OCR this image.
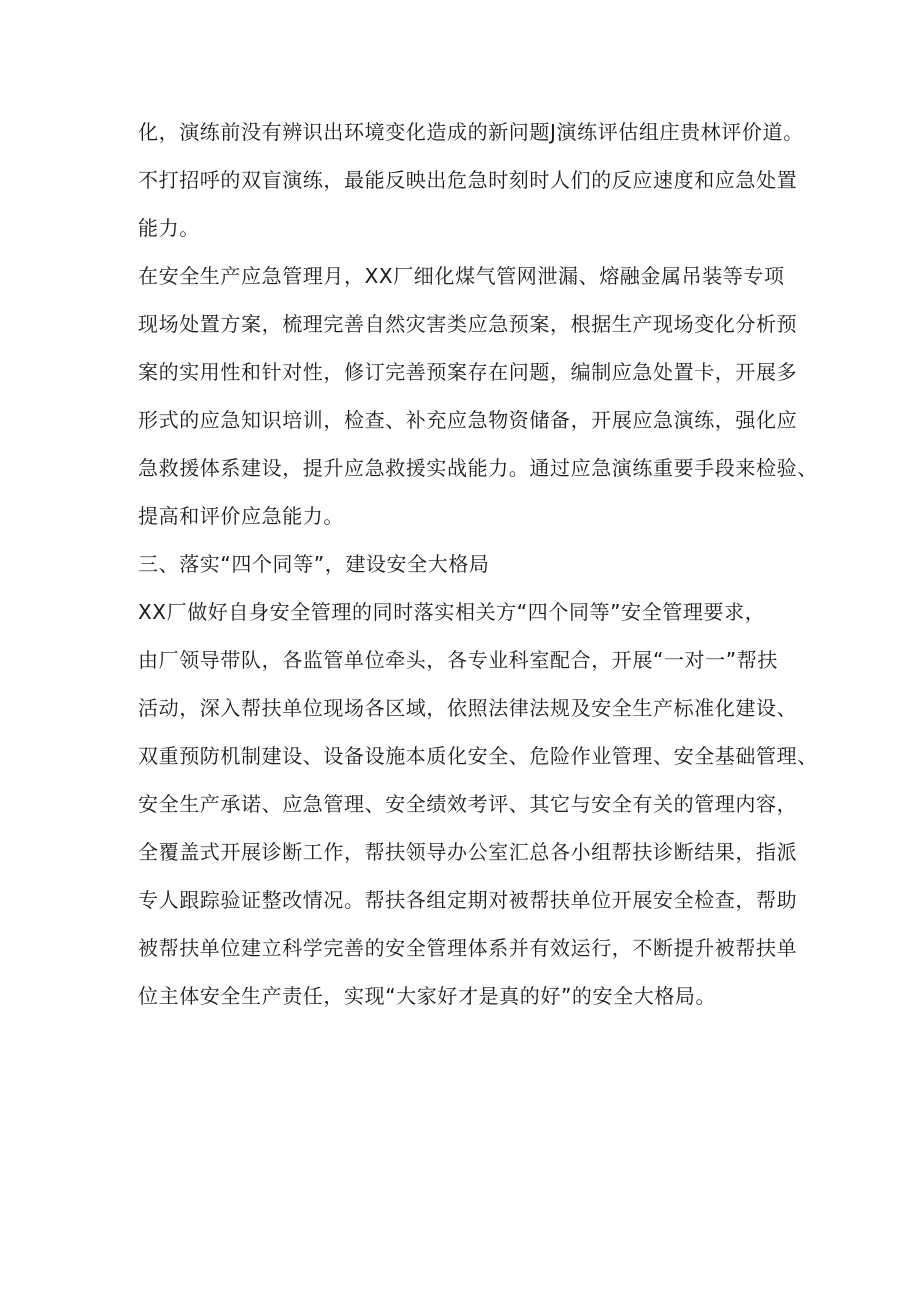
化，演练前没有辨识出环境变化造成的新问题J演练评估组庄贵林评价道。
不打招呼的双盲演练，最能反映出危急时刻时人们的反应速度和应急处置
能力。
在安全生产应急管理月，XX厂细化煤气管网泄漏、熔融金属吊装等专项
现场处置方案，梳理完善自然灾害类应急预案，根据生产现场变化分析预
案的实用性和针对性，修订完善预案存在问题，编制应急处置卡，开展多
形式的应急知识培训，检查、补充应急物资储备，开展应急演练，强化应
急救援体系建设，提升应急救援实战能力。通过应急演练重要手段来检验、
提高和评价应急能力。
三、落实“四个同等”，建设安全大格局
XX厂做好自身安全管理的同时落实相关方“四个同等”安全管理要求，
由厂领导带队，各监管单位牵头，各专业科室配合，开展“一对一”帮扶
活动，深入帮扶单位现场各区域，依照法律法规及安全生产标准化建设、
双重预防机制建设、设备设施本质化安全、危险作业管理、安全基础管理、
安全生产承诺、应急管理、安全绩效考评、其它与安全有关的管理内容，
全覆盖式开展诊断工作，帮扶领导办公室汇总各小组帮扶诊断结果，指派
专人跟踪验证整改情况。帮扶各组定期对被帮扶单位开展安全检查，帮助
被帮扶单位建立科学完善的安全管理体系并有效运行，不断提升被帮扶单
位主体安全生产责任，实现“大家好才是真的好”的安全大格局。
